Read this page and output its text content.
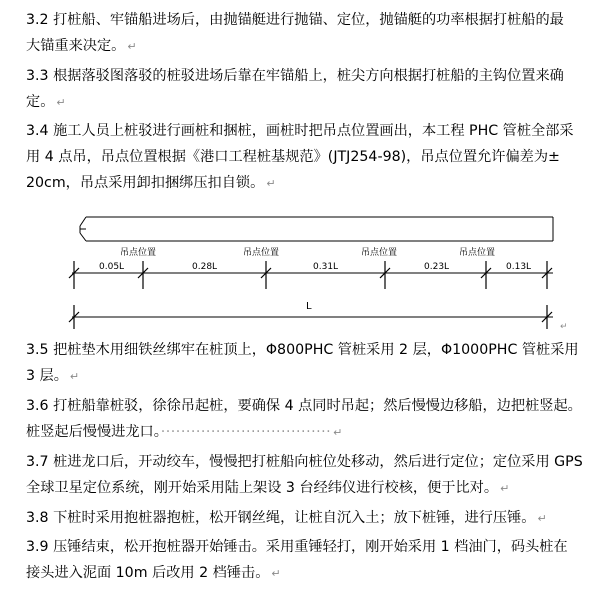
3.2 打桩船、牢锚船进场后，由抛锚艇进行抛锚、定位，抛锚艇的功率根据打桩船的最
大锚重来决定。 ↵
3.3 根据落驳图落驳的桩驳进场后靠在牢锚船上，桩尖方向根据打桩船的主钩位置来确
定。 ↵
3.4 施工人员上桩驳进行画桩和捆桩，画桩时把吊点位置画出，本工程 PHC 管桩全部采
用 4 点吊，吊点位置根据《港口工程桩基规范》(JTJ254-98)，吊点位置允许偏差为±
20cm，吊点采用卸扣捆绑压扣自锁。 ↵
吊点位置	吊点位置	吊点位置	吊点位置
0.05L	0.28L	0.31L	0.23L	0.13L
L
↵
3.5 把桩垫木用细铁丝绑牢在桩顶上，Φ800PHC 管桩采用 2 层，Φ1000PHC 管桩采用
3 层。 ↵
3.6 打桩船靠桩驳，徐徐吊起桩，要确保 4 点同时吊起；然后慢慢边移船，边把桩竖起。
桩竖起后慢慢进龙口。·································· ↵
3.7 桩进龙口后，开动绞车，慢慢把打桩船向桩位处移动，然后进行定位；定位采用 GPS
全球卫星定位系统，刚开始采用陆上架设 3 台经纬仪进行校核，便于比对。 ↵
3.8 下桩时采用抱桩器抱桩，松开钢丝绳，让桩自沉入土；放下桩锤，进行压锤。 ↵
3.9 压锤结束，松开抱桩器开始锤击。采用重锤轻打，刚开始采用 1 档油门，码头桩在
接头进入泥面 10m 后改用 2 档锤击。 ↵
